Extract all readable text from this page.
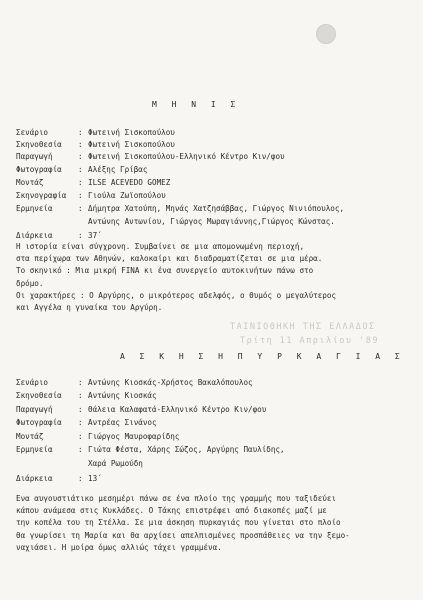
ΤΑΙΝΙΟΘΗΚΗ ΤΗΣ ΕΛΛΑΔΟΣ
Τρίτη 11 Απριλίου '89
Μ Η Ν Ι Σ
Σενάριο	: Φωτεινή Σισκοπούλου
Σκηνοθεσία : Φωτεινή Σισκοπούλου
Παραγωγή	: Φωτεινή Σισκοπούλου-Ελληνικό Κέντρο Κιν/φου
Φωτογραφία : Αλέξης Γρίβας
Μοντάζ	: ILSE ACEVEDO GOMEZ
Σκηνογραφία : Γιούλα Ζωϊοπούλου
Ερμηνεία	: Δήμητρα Χατούπη, Μηνάς Χατζησάββας, Γιώργος Νινιόπουλος,
Αντώνης Αντωνίου, Γιώργος Μωραγιάννης,Γιώργος Κώνστας.
Διάρκεια	: 37΄
Η ιστορία είναι σύγχρονη. Συμβαίνει σε μια απομονωμένη περιοχή,
στα περίχωρα των Αθηνών, καλοκαίρι και διαδραματίζεται σε μια μέρα.
Το σκηνικό : Μια μικρή FINA κι ένα συνεργείο αυτοκινήτων πάνω στο
δρόμο.
Οι χαρακτήρες : Ο Αργύρης, ο μικρότερος αδελφός, ο θυμός ο μεγαλύτερος
και Αγγέλα η γυναίκα του Αργύρη.
Α Σ Κ Η Σ Η Π Υ Ρ Κ Α Γ Ι Α Σ
Σενάριο	: Αντώνης Κιοσκάς-Χρήστος Βακαλόπουλος
Σκηνοθεσία : Αντώνης Κιοσκάς
Παραγωγή	: Θάλεια Καλαφατά-Ελληνικό Κέντρο Κιν/φου
Φωτογραφία : Αντρέας Σινάνος
Μοντάζ	: Γιώργος Μαυροφαρίδης
Ερμηνεία	: Γιώτα Φέστα, Χάρης Σώζος, Αργύρης Παυλίδης,
Χαρά Ρωμούδη
Διάρκεια	: 13΄
Ενα αυγουστιάτικο μεσημέρι πάνω σε ένα πλοίο της γραμμής που ταξιδεύει
κάπου ανάμεσα στις Κυκλάδες. Ο Τάκης επιστρέφει από διακοπές μαζί με
την κοπέλα του τη Στέλλα. Σε μια άσκηση πυρκαγιάς που γίνεται στο πλοίο
θα γνωρίσει τη Μαρία και θα αρχίσει απελπισμένες προσπάθειες να την ξεμο-
ναχιάσει. Η μοίρα όμως αλλιώς τάχει γραμμένα.
